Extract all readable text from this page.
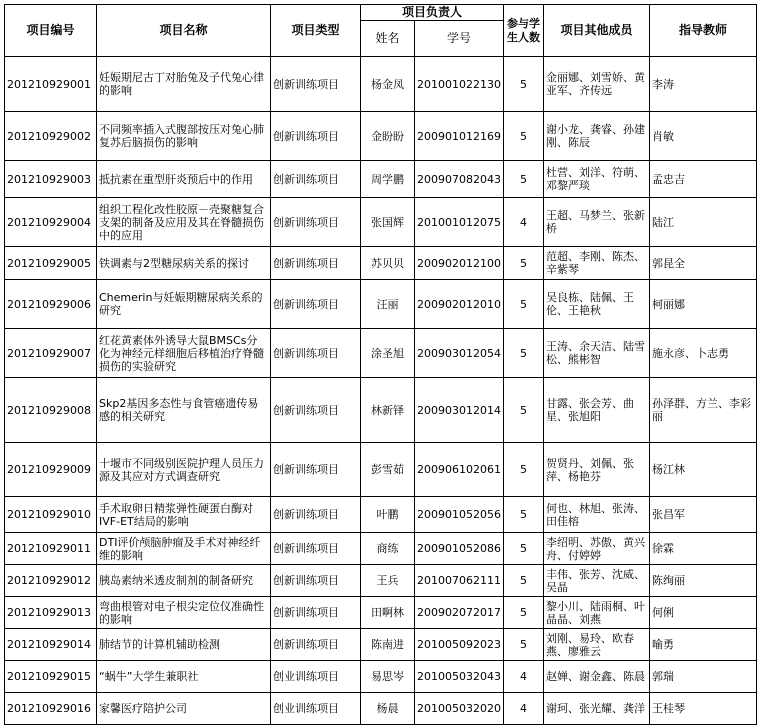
项目编号	项目名称	项目类型	项目负责人		参与学生人数	项目其他成员	指导教师
			姓名	学号			
201210929001	妊娠期尼古丁对胎兔及子代兔心律的影响	创新训练项目	杨金凤	201001022130	5	金丽娜、刘雪娇、黄亚军、齐传远	李涛
201210929002	不同频率插入式腹部按压对兔心肺复苏后脑损伤的影响	创新训练项目	金盼盼	200901012169	5	谢小龙、龚睿、孙建刚、陈辰	肖敏
201210929003	抵抗素在重型肝炎预后中的作用	创新训练项目	周学鹏	200907082043	5	杜营、刘洋、符萌、邓黎严琰	孟忠吉
201210929004	组织工程化改性胶原－壳聚糖复合支架的制备及应用及其在脊髓损伤中的应用	创新训练项目	张国辉	201001012075	4	王超、马梦兰、张新桥	陆江
201210929005	铁调素与2型糖尿病关系的探讨	创新训练项目	苏贝贝	200902012100	5	范超、李刚、陈杰、辛紫琴	郭昆全
201210929006	Chemerin与妊娠期糖尿病关系的研究	创新训练项目	汪丽	200902012010	5	吴良栋、陆佩、王伦、王艳秋	柯丽娜
201210929007	红花黄素体外诱导大鼠BMSCs分化为神经元样细胞后移植治疗脊髓损伤的实验研究	创新训练项目	涂圣旭	200903012054	5	王涛、余天洁、陆雪松、熊彬智	施永彦、卜志勇
201210929008	Skp2基因多态性与食管癌遗传易感的相关研究	创新训练项目	林新铎	200903012014	5	甘露、张会芳、曲星、张旭阳	孙泽群、方兰、李彩丽
201210929009	十堰市不同级别医院护理人员压力源及其应对方式调查研究	创新训练项目	彭雪茹	200906102061	5	贺贤丹、刘佩、张萍、杨艳芬	杨江林
201210929010	手术取卵日精浆弹性硬蛋白酶对IVF-ET结局的影响	创新训练项目	叶鹏	200901052056	5	何也、林旭、张涛、田佳榕	张昌军
201210929011	DTI评价颅脑肿瘤及手术对神经纤维的影响	创新训练项目	商练	200901052086	5	李绍明、苏傲、黄兴舟、付婷婷	徐霖
201210929012	胰岛素纳米透皮制剂的制备研究	创新训练项目	王兵	201007062111	5	丰伟、张芳、沈威、吴晶	陈绚丽
201210929013	弯曲根管对电子根尖定位仪准确性的影响	创新训练项目	田啊林	200902072017	5	黎小川、陆雨桐、叶晶晶、刘燕	何俐
201210929014	肺结节的计算机辅助检测	创新训练项目	陈南进	201005092023	5	刘刚、易玲、欧春燕、廖雅云	喻勇
201210929015	“蜗牛”大学生兼职社	创业训练项目	易思岑	201005032043	4	赵婵、谢金鑫、陈晨	郭瑞
201210929016	家馨医疗陪护公司	创业训练项目	杨晨	201005032020	4	谢珂、张光耀、龚洋	王桂琴
